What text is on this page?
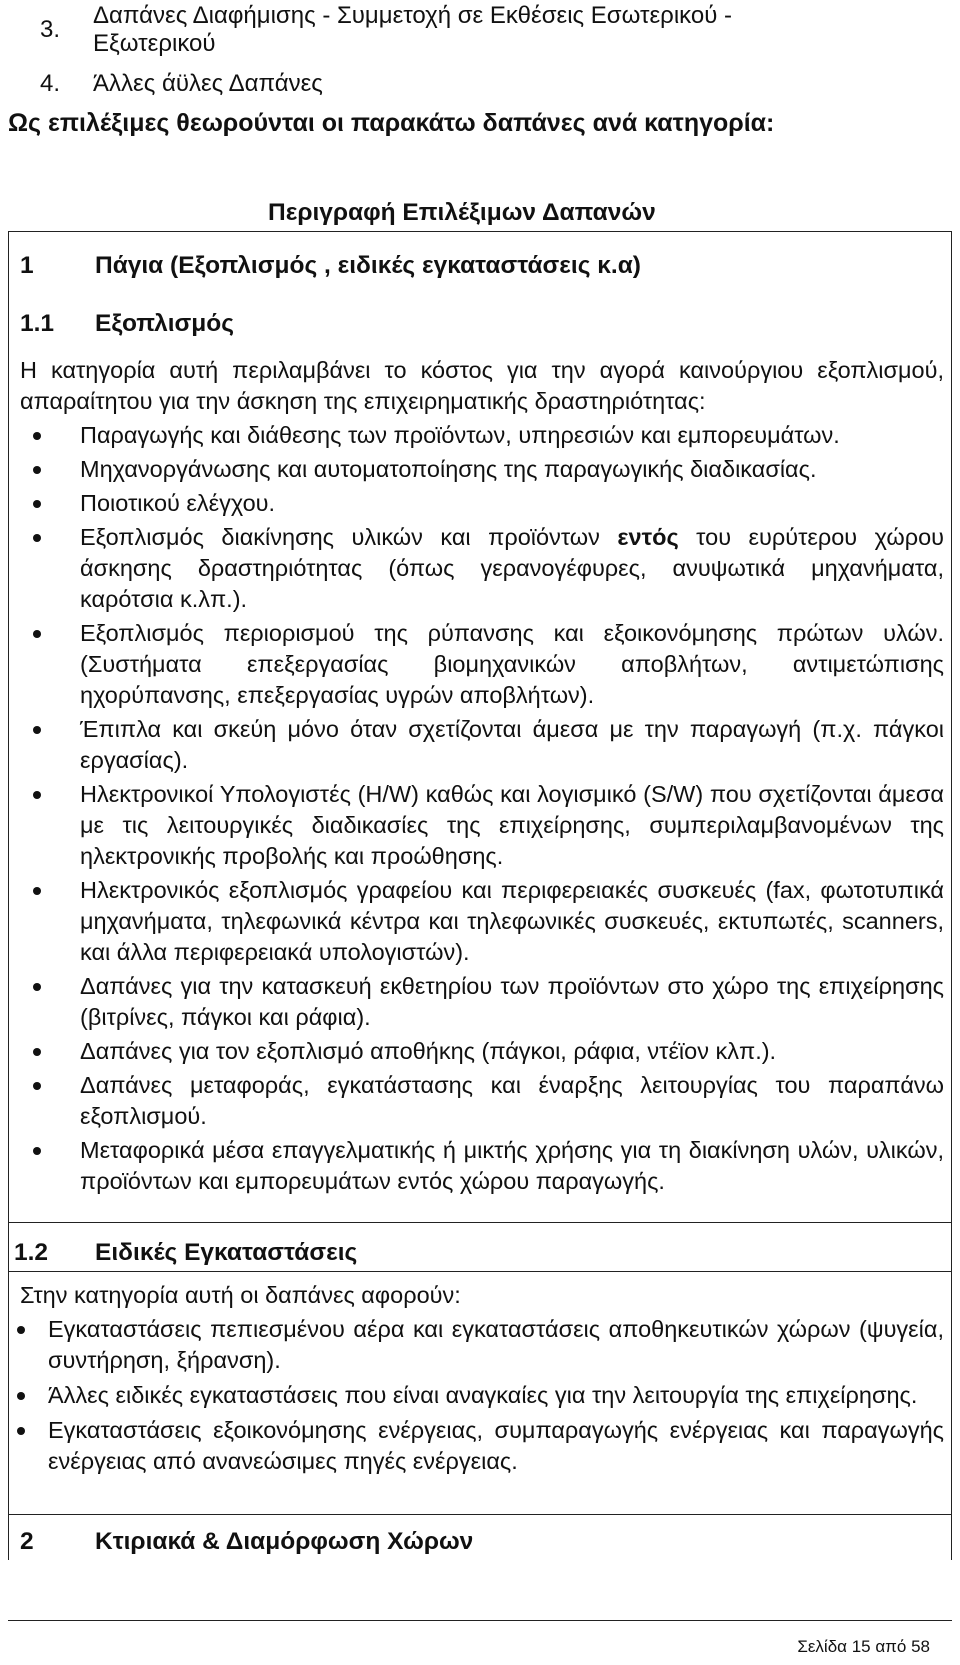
3.
Δαπάνες Διαφήμισης - Συμμετοχή σε Εκθέσεις Εσωτερικού -
Εξωτερικού
4. Άλλες άϋλες Δαπάνες
Ως επιλέξιμες θεωρούνται οι παρακάτω δαπάνες ανά κατηγορία:
Περιγραφή Επιλέξιμων Δαπανών
1	Πάγια (Εξοπλισμός , ειδικές εγκαταστάσεις κ.α)
1.1 Εξοπλισμός
Η κατηγορία αυτή περιλαμβάνει το κόστος για την αγορά καινούργιου εξοπλισμού, απαραίτητου για την άσκηση της επιχειρηματικής δραστηριότητας:
Παραγωγής και διάθεσης των προϊόντων, υπηρεσιών και εμπορευμάτων.
Μηχανοργάνωσης και αυτοματοποίησης της παραγωγικής διαδικασίας.
Ποιοτικού ελέγχου.
Εξοπλισμός διακίνησης υλικών και προϊόντων εντός του ευρύτερου χώρου άσκησης δραστηριότητας (όπως γερανογέφυρες, ανυψωτικά μηχανήματα, καρότσια κ.λπ.).
Εξοπλισμός περιορισμού της ρύπανσης και εξοικονόμησης πρώτων υλών.(Συστήματα επεξεργασίας βιομηχανικών αποβλήτων, αντιμετώπισης ηχορύπανσης, επεξεργασίας υγρών αποβλήτων).
Έπιπλα και σκεύη μόνο όταν σχετίζονται άμεσα με την παραγωγή (π.χ. πάγκοι εργασίας).
Ηλεκτρονικοί Υπολογιστές (H/W) καθώς και λογισμικό (S/W) που σχετίζονται άμεσα με τις λειτουργικές διαδικασίες της επιχείρησης, συμπεριλαμβανομένων της ηλεκτρονικής προβολής και προώθησης.
Ηλεκτρονικός εξοπλισμός γραφείου και περιφερειακές συσκευές (fax, φωτοτυπικά μηχανήματα, τηλεφωνικά κέντρα και τηλεφωνικές συσκευές, εκτυπωτές, scanners, και άλλα περιφερειακά υπολογιστών).
Δαπάνες για την κατασκευή εκθετηρίου των προϊόντων στο χώρο της επιχείρησης (βιτρίνες, πάγκοι και ράφια).
Δαπάνες για τον εξοπλισμό αποθήκης (πάγκοι, ράφια, ντέϊον κλπ.).
Δαπάνες μεταφοράς, εγκατάστασης και έναρξης λειτουργίας του παραπάνω εξοπλισμού.
Μεταφορικά μέσα επαγγελματικής ή μικτής χρήσης για τη διακίνηση υλών, υλικών, προϊόντων και εμπορευμάτων εντός χώρου παραγωγής.
1.2 Ειδικές Εγκαταστάσεις
Στην κατηγορία αυτή οι δαπάνες αφορούν:
Εγκαταστάσεις πεπιεσμένου αέρα και εγκαταστάσεις αποθηκευτικών χώρων (ψυγεία, συντήρηση, ξήρανση).
Άλλες ειδικές εγκαταστάσεις που είναι αναγκαίες για την λειτουργία της επιχείρησης.
Εγκαταστάσεις εξοικονόμησης ενέργειας, συμπαραγωγής ενέργειας και παραγωγής ενέργειας από ανανεώσιμες πηγές ενέργειας.
2	Κτιριακά & Διαμόρφωση Χώρων
Σελίδα 15 από 58
